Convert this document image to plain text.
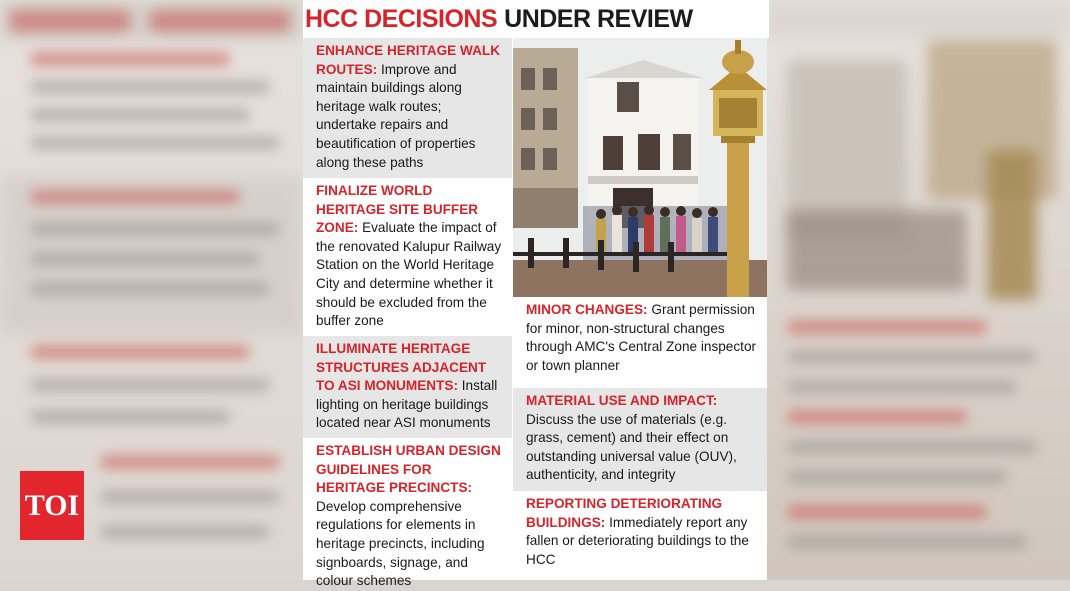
TOI
HCC DECISIONS UNDER REVIEW
ENHANCE HERITAGE WALK ROUTES: Improve and maintain buildings along heritage walk routes; undertake repairs and beautification of properties along these paths
FINALIZE WORLD HERITAGE SITE BUFFER ZONE: Evaluate the impact of the renovated Kalupur Railway Station on the World Heritage City and determine whether it should be excluded from the buffer zone
ILLUMINATE HERITAGE STRUCTURES ADJACENT TO ASI MONUMENTS: Install lighting on heritage buildings located near ASI monuments
ESTABLISH URBAN DESIGN GUIDELINES FOR HERITAGE PRECINCTS: Develop comprehensive regulations for elements in heritage precincts, including signboards, signage, and colour schemes
MINOR CHANGES: Grant permission for minor, non-structural changes through AMC's Central Zone inspector or town planner
MATERIAL USE AND IMPACT: Discuss the use of materials (e.g. grass, cement) and their effect on outstanding universal value (OUV), authenticity, and integrity
REPORTING DETERIORATING BUILDINGS: Immediately report any fallen or deteriorating buildings to the HCC
